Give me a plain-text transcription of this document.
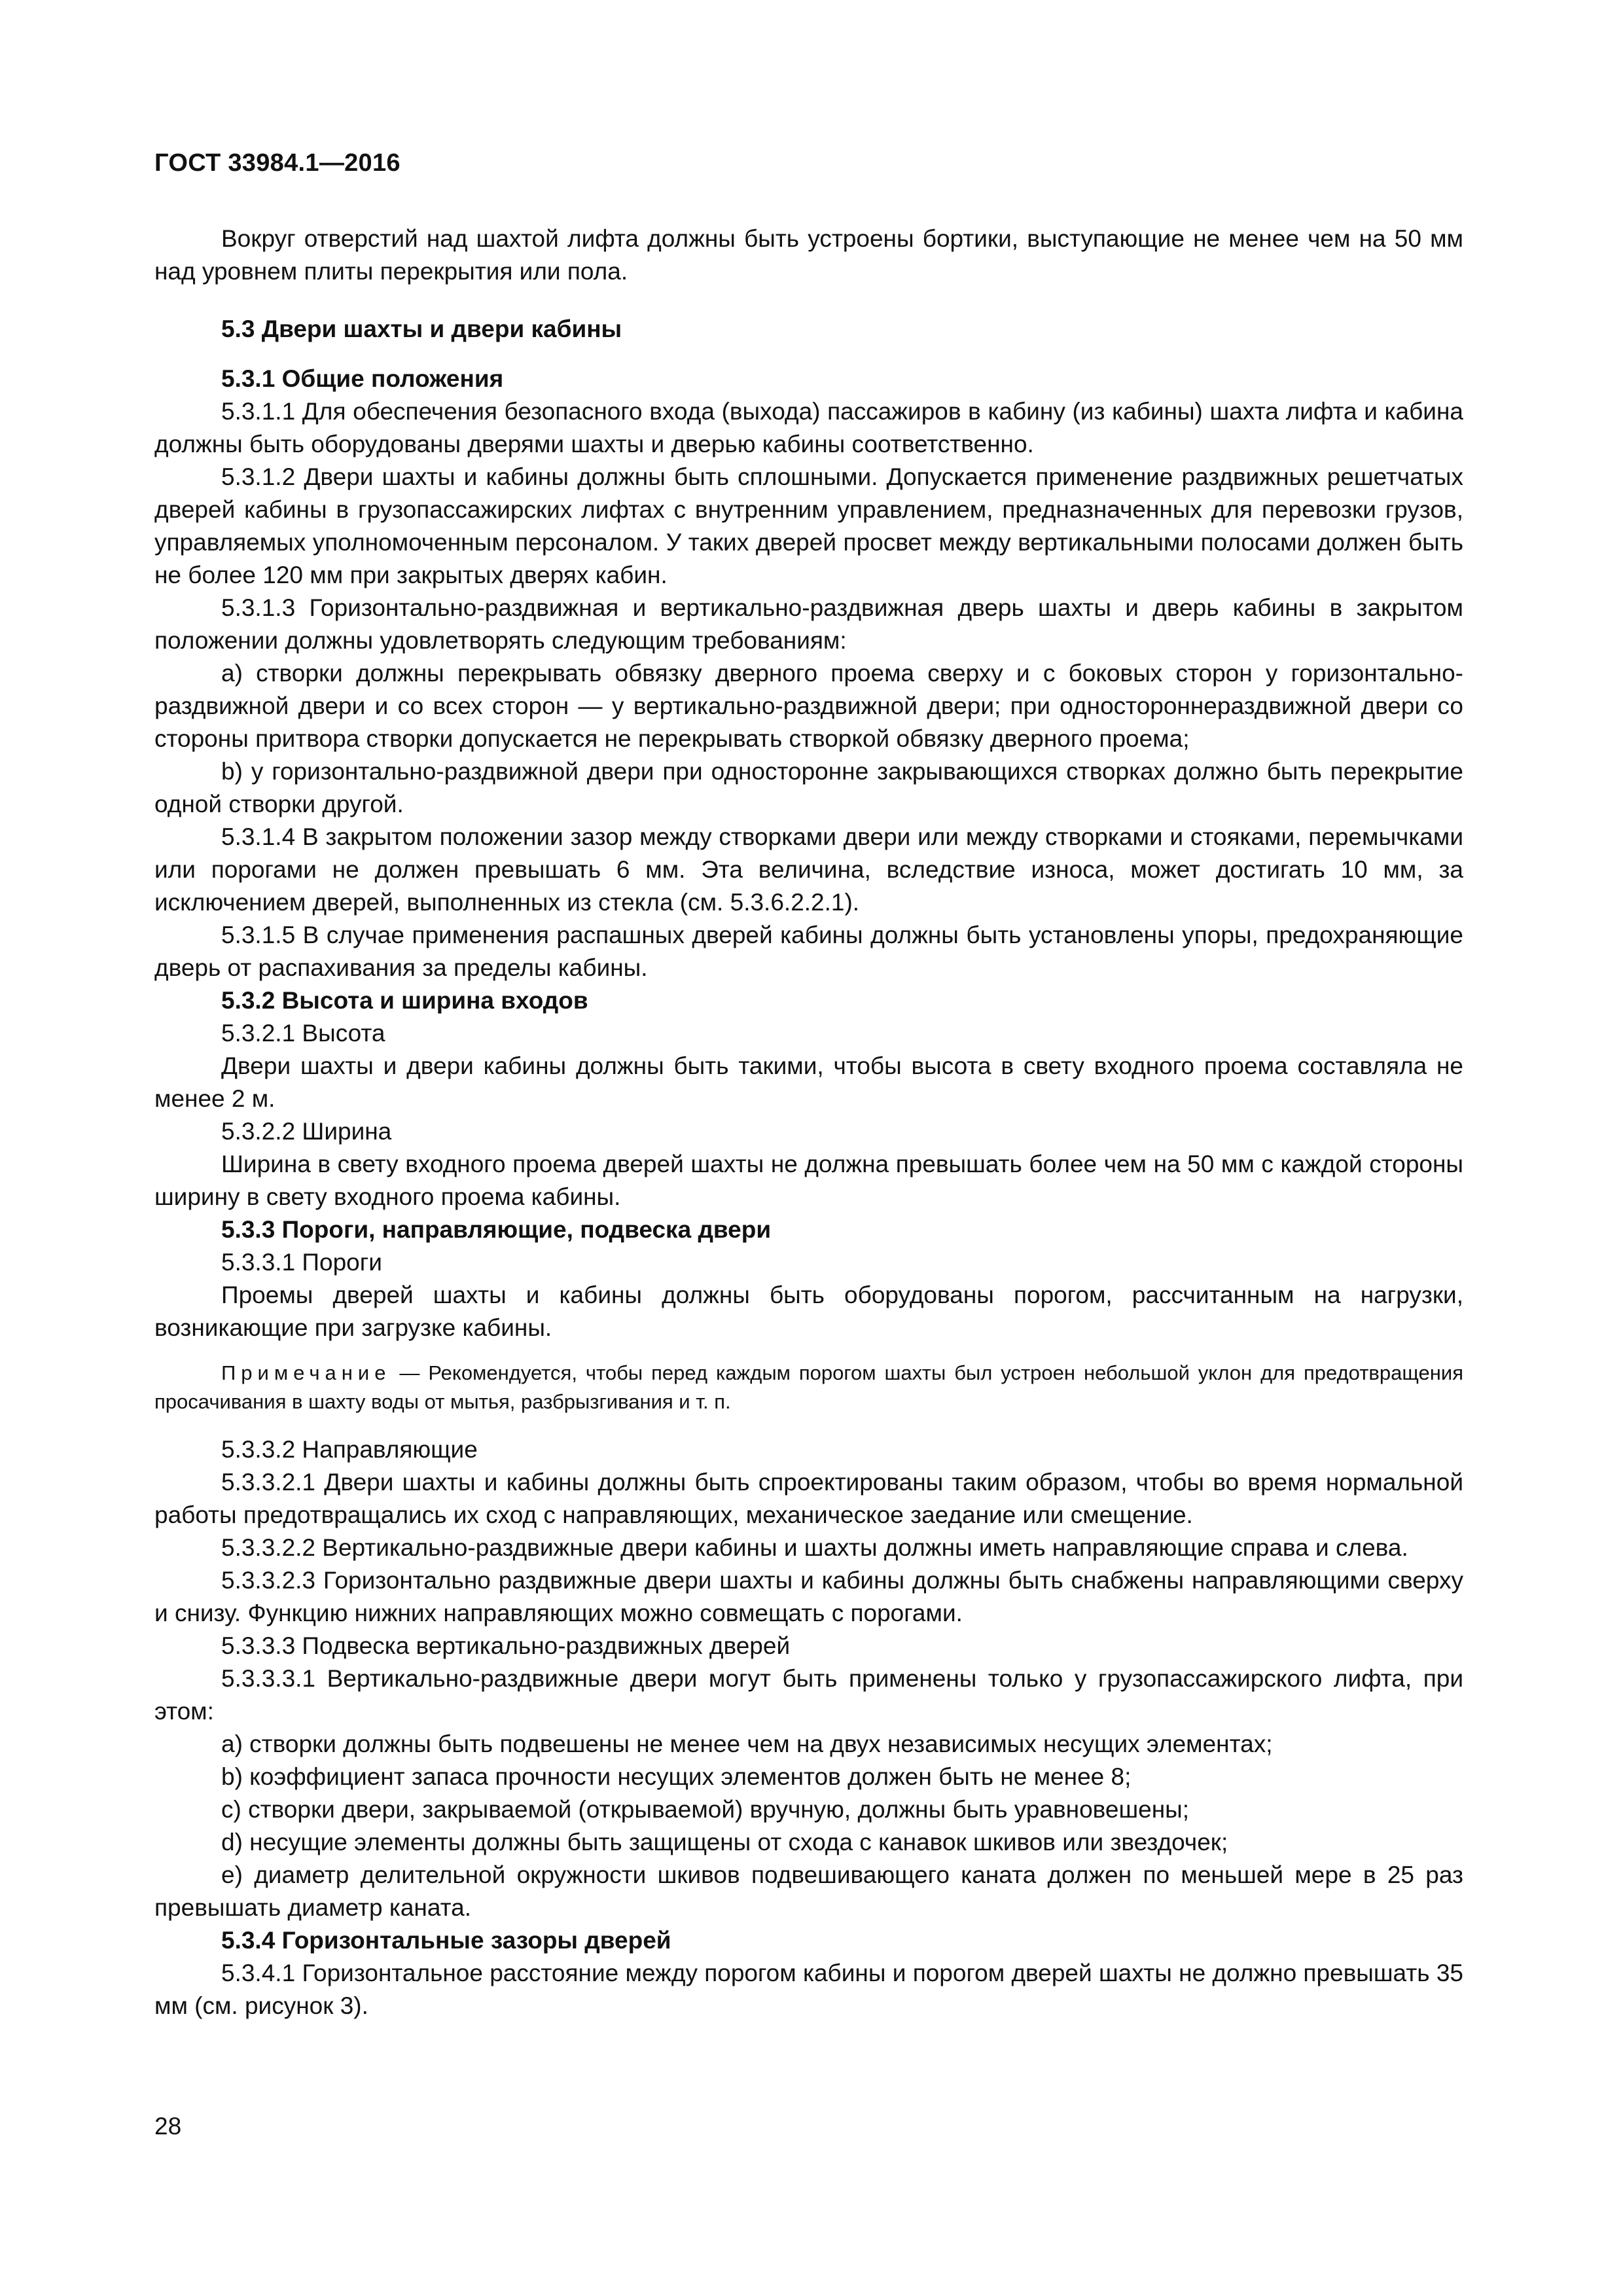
ГОСТ 33984.1—2016

Вокруг отверстий над шахтой лифта должны быть устроены бортики, выступающие не менее чем на 50 мм над уровнем плиты перекрытия или пола.

5.3 Двери шахты и двери кабины

5.3.1 Общие положения

5.3.1.1 Для обеспечения безопасного входа (выхода) пассажиров в кабину (из кабины) шахта лифта и кабина должны быть оборудованы дверями шахты и дверью кабины соответственно.

5.3.1.2 Двери шахты и кабины должны быть сплошными. Допускается применение раздвижных решетчатых дверей кабины в грузопассажирских лифтах с внутренним управлением, предназначенных для перевозки грузов, управляемых уполномоченным персоналом. У таких дверей просвет между вертикальными полосами должен быть не более 120 мм при закрытых дверях кабин.

5.3.1.3 Горизонтально-раздвижная и вертикально-раздвижная дверь шахты и дверь кабины в закрытом положении должны удовлетворять следующим требованиям:

a) створки должны перекрывать обвязку дверного проема сверху и с боковых сторон у горизонтально-раздвижной двери и со всех сторон — у вертикально-раздвижной двери; при одностороннераздвижной двери со стороны притвора створки допускается не перекрывать створкой обвязку дверного проема;

b) у горизонтально-раздвижной двери при односторонне закрывающихся створках должно быть перекрытие одной створки другой.

5.3.1.4 В закрытом положении зазор между створками двери или между створками и стояками, перемычками или порогами не должен превышать 6 мм. Эта величина, вследствие износа, может достигать 10 мм, за исключением дверей, выполненных из стекла (см. 5.3.6.2.2.1).

5.3.1.5 В случае применения распашных дверей кабины должны быть установлены упоры, предохраняющие дверь от распахивания за пределы кабины.

5.3.2 Высота и ширина входов

5.3.2.1 Высота

Двери шахты и двери кабины должны быть такими, чтобы высота в свету входного проема составляла не менее 2 м.

5.3.2.2 Ширина

Ширина в свету входного проема дверей шахты не должна превышать более чем на 50 мм с каждой стороны ширину в свету входного проема кабины.

5.3.3 Пороги, направляющие, подвеска двери

5.3.3.1 Пороги

Проемы дверей шахты и кабины должны быть оборудованы порогом, рассчитанным на нагрузки, возникающие при загрузке кабины.

Примечание — Рекомендуется, чтобы перед каждым порогом шахты был устроен небольшой уклон для предотвращения просачивания в шахту воды от мытья, разбрызгивания и т. п.

5.3.3.2 Направляющие

5.3.3.2.1 Двери шахты и кабины должны быть спроектированы таким образом, чтобы во время нормальной работы предотвращались их сход с направляющих, механическое заедание или смещение.

5.3.3.2.2 Вертикально-раздвижные двери кабины и шахты должны иметь направляющие справа и слева.

5.3.3.2.3 Горизонтально раздвижные двери шахты и кабины должны быть снабжены направляющими сверху и снизу. Функцию нижних направляющих можно совмещать с порогами.

5.3.3.3 Подвеска вертикально-раздвижных дверей

5.3.3.3.1 Вертикально-раздвижные двери могут быть применены только у грузопассажирского лифта, при этом:

a) створки должны быть подвешены не менее чем на двух независимых несущих элементах;

b) коэффициент запаса прочности несущих элементов должен быть не менее 8;

c) створки двери, закрываемой (открываемой) вручную, должны быть уравновешены;

d) несущие элементы должны быть защищены от схода с канавок шкивов или звездочек;

e) диаметр делительной окружности шкивов подвешивающего каната должен по меньшей мере в 25 раз превышать диаметр каната.

5.3.4 Горизонтальные зазоры дверей

5.3.4.1 Горизонтальное расстояние между порогом кабины и порогом дверей шахты не должно превышать 35 мм (см. рисунок 3).

28
